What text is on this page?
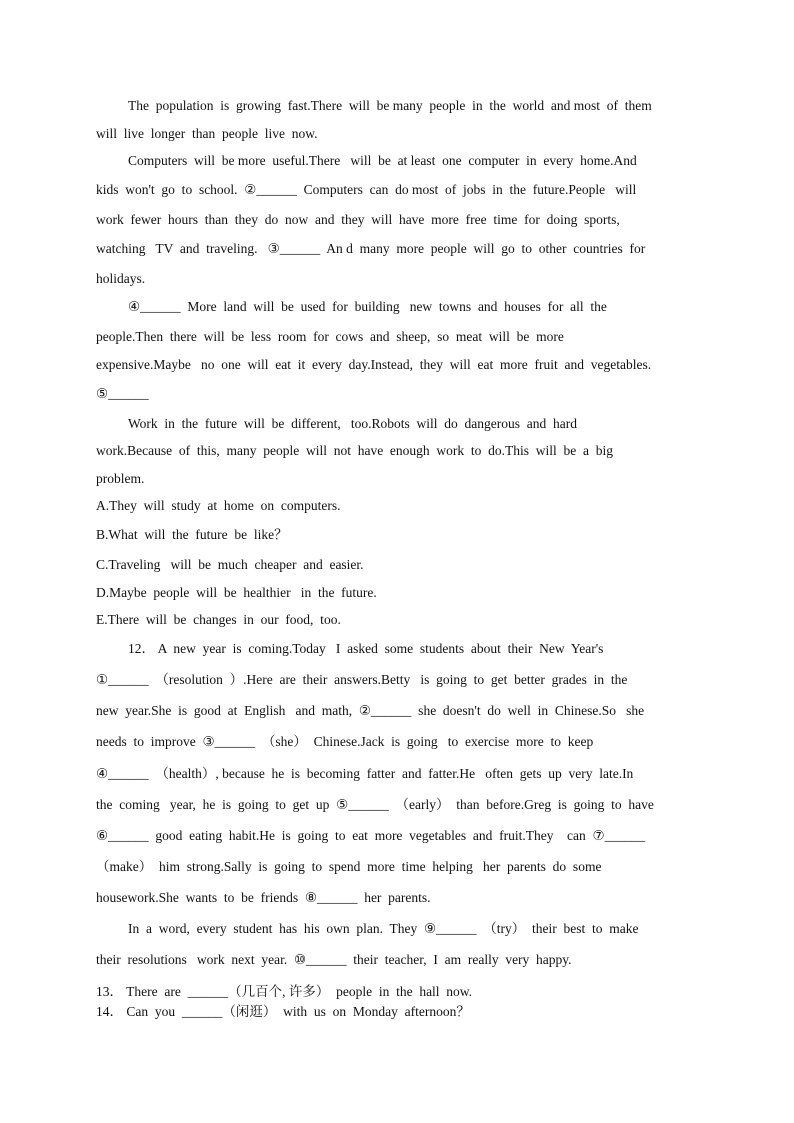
The  population  is  growing  fast.There  will  be many  people  in  the  world  and most  of  them
will  live  longer  than  people  live  now.
Computers  will  be more  useful.There   will  be  at least  one  computer  in  every  home.And
kids  won't  go  to  school.  ②______  Computers  can  do most  of  jobs  in  the  future.People   will
work  fewer  hours  than  they  do  now  and  they  will  have  more  free  time  for  doing  sports,
watching   TV  and  traveling.   ③______  An d  many  more  people  will  go  to  other  countries  for
holidays.
④______  More  land  will  be  used  for  building   new  towns  and  houses  for  all  the
people.Then  there  will  be  less  room  for  cows  and  sheep,  so  meat  will  be  more
expensive.Maybe   no  one  will  eat  it  every  day.Instead,  they  will  eat  more  fruit  and  vegetables.
⑤______
Work  in  the  future  will  be  different,   too.Robots  will  do  dangerous  and  hard
work.Because  of  this,  many  people  will  not  have  enough  work  to  do.This  will  be  a  big
problem.
A.They  will  study  at  home  on  computers.
B.What  will  the  future  be  like？
C.Traveling   will  be  much  cheaper  and  easier.
D.Maybe  people  will  be  healthier   in  the  future.
E.There  will  be  changes  in  our  food,  too.
12． A  new  year  is  coming.Today   I  asked  some  students  about  their  New  Year's
①______  （resolution  ）.Here  are  their  answers.Betty   is  going  to  get  better  grades  in  the
new  year.She  is  good  at  English   and  math,  ②______  she  doesn't  do  well  in  Chinese.So   she
needs  to  improve  ③______  （she）  Chinese.Jack  is  going   to  exercise  more  to  keep
④______  （health）, because  he  is  becoming  fatter  and  fatter.He   often  gets  up  very  late.In
the  coming   year,  he  is  going  to  get  up  ⑤______  （early）  than  before.Greg  is  going  to  have
⑥______  good  eating  habit.He  is  going  to  eat  more  vegetables  and  fruit.They    can  ⑦______
（make）  him  strong.Sally  is  going  to  spend  more  time  helping   her  parents  do  some
housework.She  wants  to  be  friends  ⑧______  her  parents.
In  a  word,  every  student  has  his  own  plan.  They  ⑨______  （try）  their  best  to  make
their  resolutions   work  next  year.  ⑩______  their  teacher,  I  am  really  very  happy.
13． There  are  ______（几百个, 许多）  people  in  the  hall  now.
14． Can  you  ______（闲逛）  with  us  on  Monday  afternoon？
